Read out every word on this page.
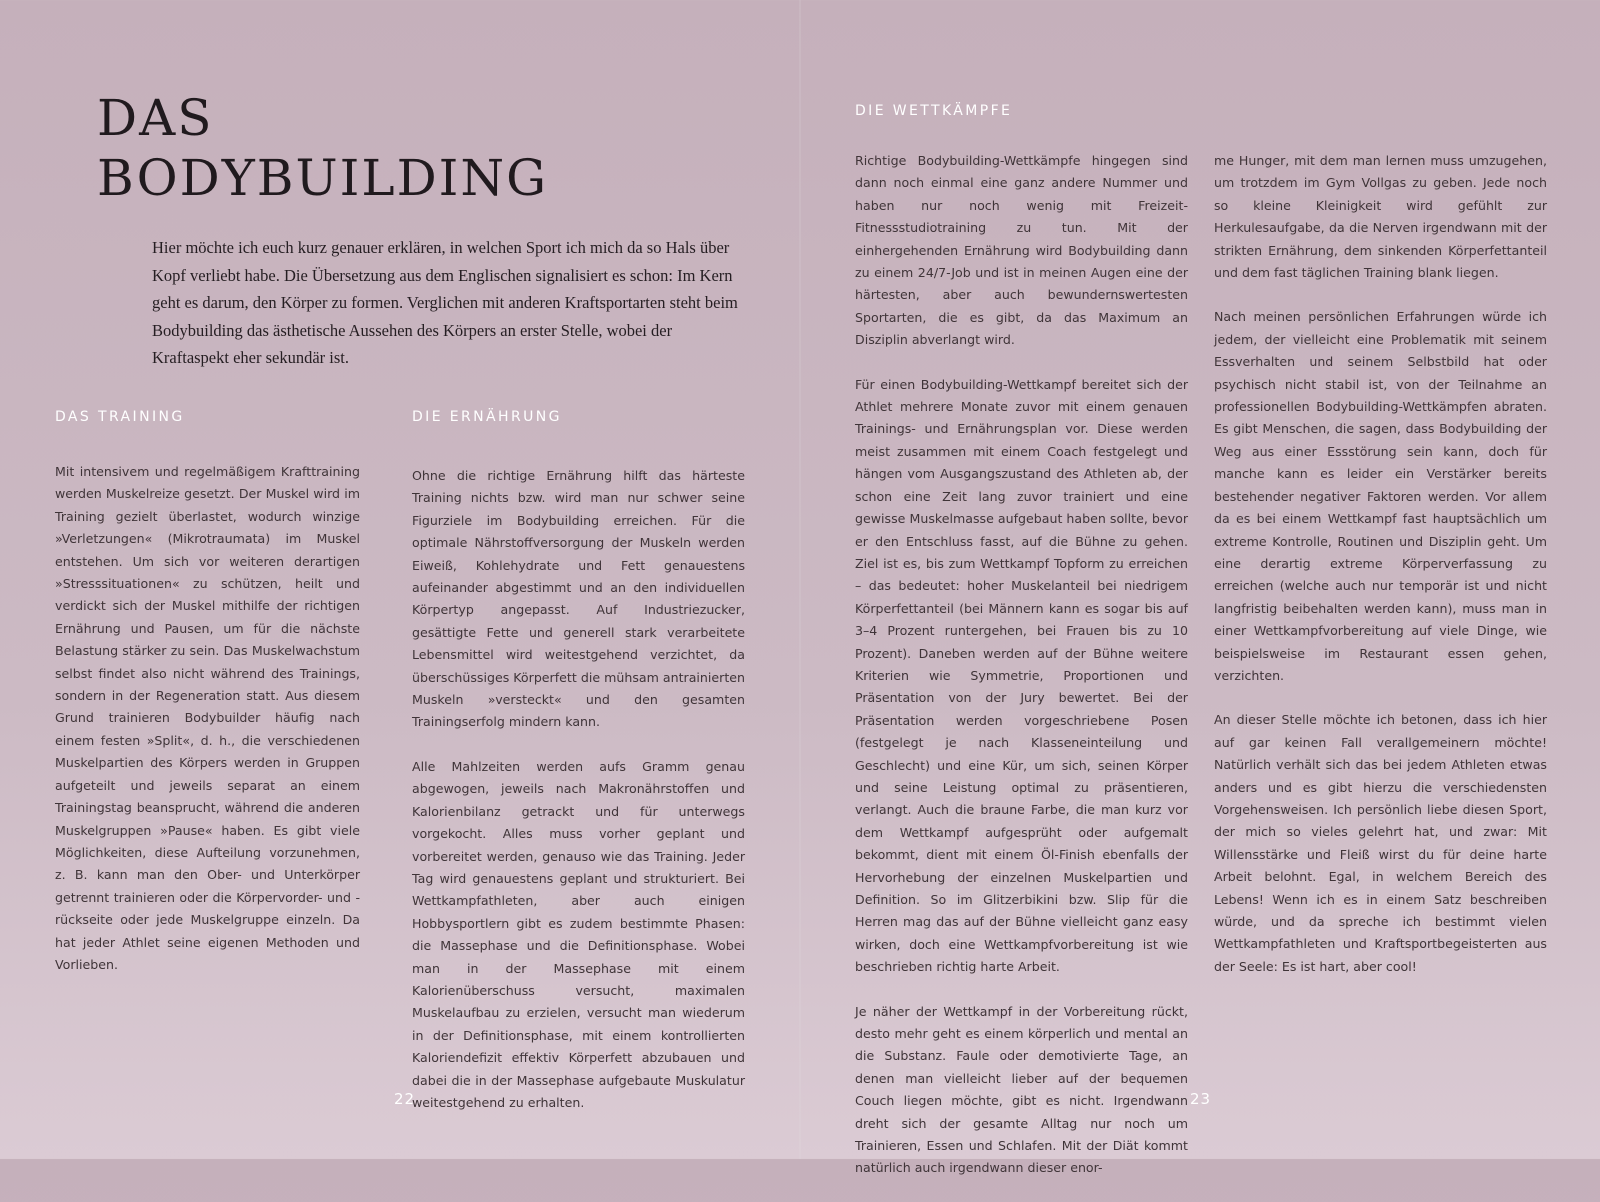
DAS
BODYBUILDING

Hier möchte ich euch kurz genauer erklären, in welchen Sport ich mich da so Hals über Kopf verliebt habe. Die Übersetzung aus dem Englischen signalisiert es schon: Im Kern geht es darum, den Körper zu formen. Verglichen mit anderen Kraftsportarten steht beim Bodybuilding das ästhetische Aussehen des Körpers an erster Stelle, wobei der Kraftaspekt eher sekundär ist.

DAS TRAINING

Mit intensivem und regelmäßigem Krafttraining werden Muskelreize gesetzt. Der Muskel wird im Training gezielt überlastet, wodurch winzige »Verletzungen« (Mikrotraumata) im Muskel entstehen. Um sich vor weiteren derartigen »Stresssituationen« zu schützen, heilt und verdickt sich der Muskel mithilfe der richtigen Ernährung und Pausen, um für die nächste Belastung stärker zu sein. Das Muskelwachstum selbst findet also nicht während des Trainings, sondern in der Regeneration statt. Aus diesem Grund trainieren Bodybuilder häufig nach einem festen »Split«, d. h., die verschiedenen Muskelpartien des Körpers werden in Gruppen aufgeteilt und jeweils separat an einem Trainingstag beansprucht, während die anderen Muskelgruppen »Pause« haben. Es gibt viele Möglichkeiten, diese Aufteilung vorzunehmen, z. B. kann man den Ober- und Unterkörper getrennt trainieren oder die Körpervorder- und -rückseite oder jede Muskelgruppe einzeln. Da hat jeder Athlet seine eigenen Methoden und Vorlieben.

DIE ERNÄHRUNG

Ohne die richtige Ernährung hilft das härteste Training nichts bzw. wird man nur schwer seine Figurziele im Bodybuilding erreichen. Für die optimale Nährstoffversorgung der Muskeln werden Eiweiß, Kohlehydrate und Fett genauestens aufeinander abgestimmt und an den individuellen Körpertyp angepasst. Auf Industriezucker, gesättigte Fette und generell stark verarbeitete Lebensmittel wird weitestgehend verzichtet, da überschüssiges Körperfett die mühsam antrainierten Muskeln »versteckt« und den gesamten Trainingserfolg mindern kann.

Alle Mahlzeiten werden aufs Gramm genau abgewogen, jeweils nach Makronährstoffen und Kalorienbilanz getrackt und für unterwegs vorgekocht. Alles muss vorher geplant und vorbereitet werden, genauso wie das Training. Jeder Tag wird genauestens geplant und strukturiert. Bei Wettkampfathleten, aber auch einigen Hobbysportlern gibt es zudem bestimmte Phasen: die Massephase und die Definitionsphase. Wobei man in der Massephase mit einem Kalorienüberschuss versucht, maximalen Muskelaufbau zu erzielen, versucht man wiederum in der Definitionsphase, mit einem kontrollierten Kaloriendefizit effektiv Körperfett abzubauen und dabei die in der Massephase aufgebaute Muskulatur weitestgehend zu erhalten.

22

DIE WETTKÄMPFE

Richtige Bodybuilding-Wettkämpfe hingegen sind dann noch einmal eine ganz andere Nummer und haben nur noch wenig mit Freizeit-Fitnessstudiotraining zu tun. Mit der einhergehenden Ernährung wird Bodybuilding dann zu einem 24/7-Job und ist in meinen Augen eine der härtesten, aber auch bewundernswertesten Sportarten, die es gibt, da das Maximum an Disziplin abverlangt wird.

Für einen Bodybuilding-Wettkampf bereitet sich der Athlet mehrere Monate zuvor mit einem genauen Trainings- und Ernährungsplan vor. Diese werden meist zusammen mit einem Coach festgelegt und hängen vom Ausgangszustand des Athleten ab, der schon eine Zeit lang zuvor trainiert und eine gewisse Muskelmasse aufgebaut haben sollte, bevor er den Entschluss fasst, auf die Bühne zu gehen. Ziel ist es, bis zum Wettkampf Topform zu erreichen – das bedeutet: hoher Muskelanteil bei niedrigem Körperfettanteil (bei Männern kann es sogar bis auf 3–4 Prozent runtergehen, bei Frauen bis zu 10 Prozent). Daneben werden auf der Bühne weitere Kriterien wie Symmetrie, Proportionen und Präsentation von der Jury bewertet. Bei der Präsentation werden vorgeschriebene Posen (festgelegt je nach Klasseneinteilung und Geschlecht) und eine Kür, um sich, seinen Körper und seine Leistung optimal zu präsentieren, verlangt. Auch die braune Farbe, die man kurz vor dem Wettkampf aufgesprüht oder aufgemalt bekommt, dient mit einem Öl-Finish ebenfalls der Hervorhebung der einzelnen Muskelpartien und Definition. So im Glitzerbikini bzw. Slip für die Herren mag das auf der Bühne vielleicht ganz easy wirken, doch eine Wettkampfvorbereitung ist wie beschrieben richtig harte Arbeit.

Je näher der Wettkampf in der Vorbereitung rückt, desto mehr geht es einem körperlich und mental an die Substanz. Faule oder demotivierte Tage, an denen man vielleicht lieber auf der bequemen Couch liegen möchte, gibt es nicht. Irgendwann dreht sich der gesamte Alltag nur noch um Trainieren, Essen und Schlafen. Mit der Diät kommt natürlich auch irgendwann dieser enor-

me Hunger, mit dem man lernen muss umzugehen, um trotzdem im Gym Vollgas zu geben. Jede noch so kleine Kleinigkeit wird gefühlt zur Herkulesaufgabe, da die Nerven irgendwann mit der strikten Ernährung, dem sinkenden Körperfettanteil und dem fast täglichen Training blank liegen.

Nach meinen persönlichen Erfahrungen würde ich jedem, der vielleicht eine Problematik mit seinem Essverhalten und seinem Selbstbild hat oder psychisch nicht stabil ist, von der Teilnahme an professionellen Bodybuilding-Wettkämpfen abraten. Es gibt Menschen, die sagen, dass Bodybuilding der Weg aus einer Essstörung sein kann, doch für manche kann es leider ein Verstärker bereits bestehender negativer Faktoren werden. Vor allem da es bei einem Wettkampf fast hauptsächlich um extreme Kontrolle, Routinen und Disziplin geht. Um eine derartig extreme Körperverfassung zu erreichen (welche auch nur temporär ist und nicht langfristig beibehalten werden kann), muss man in einer Wettkampfvorbereitung auf viele Dinge, wie beispielsweise im Restaurant essen gehen, verzichten.

An dieser Stelle möchte ich betonen, dass ich hier auf gar keinen Fall verallgemeinern möchte! Natürlich verhält sich das bei jedem Athleten etwas anders und es gibt hierzu die verschiedensten Vorgehensweisen. Ich persönlich liebe diesen Sport, der mich so vieles gelehrt hat, und zwar: Mit Willensstärke und Fleiß wirst du für deine harte Arbeit belohnt. Egal, in welchem Bereich des Lebens! Wenn ich es in einem Satz beschreiben würde, und da spreche ich bestimmt vielen Wettkampfathleten und Kraftsportbegeisterten aus der Seele: Es ist hart, aber cool!

23
